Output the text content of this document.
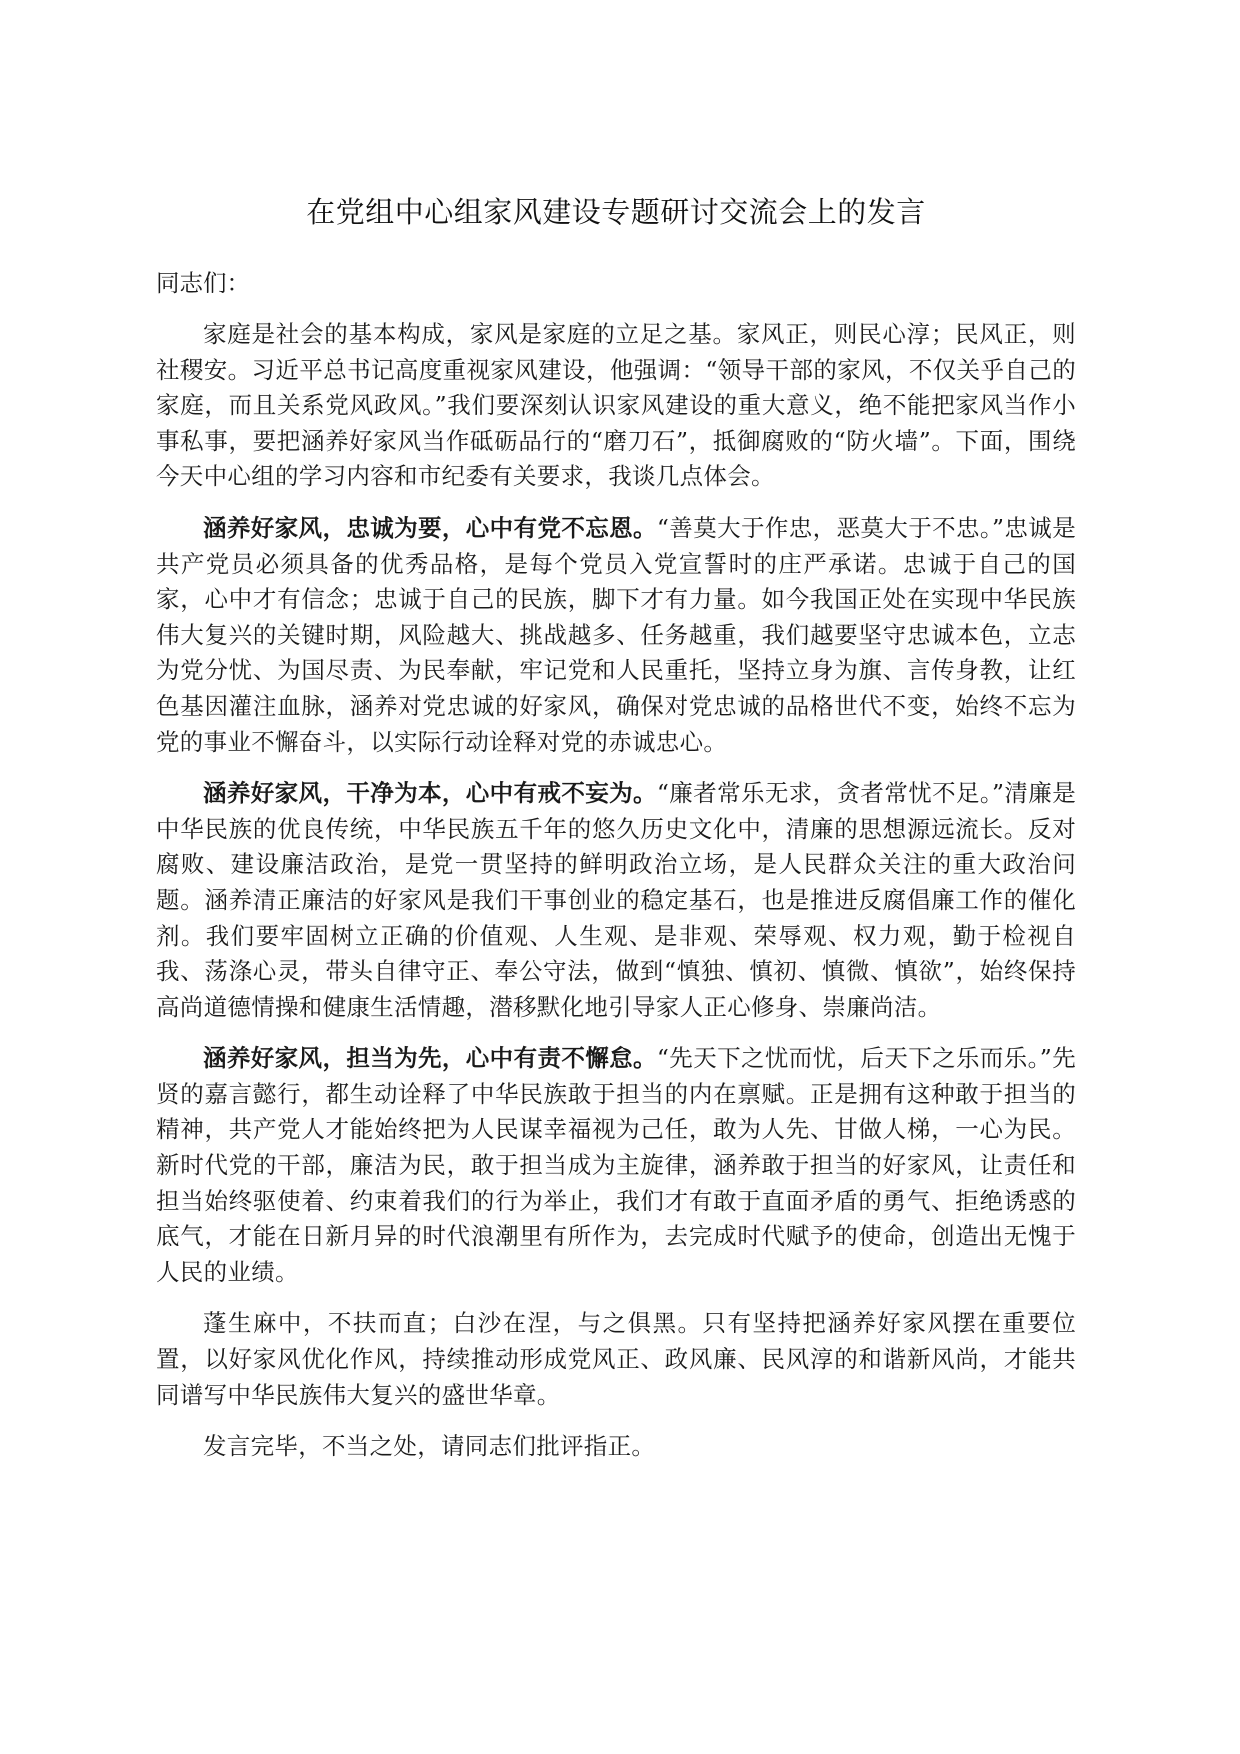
在党组中心组家风建设专题研讨交流会上的发言

同志们：

家庭是社会的基本构成，家风是家庭的立足之基。家风正，则民心淳；民风正，则社稷安。习近平总书记高度重视家风建设，他强调：“领导干部的家风，不仅关乎自己的家庭，而且关系党风政风。”我们要深刻认识家风建设的重大意义，绝不能把家风当作小事私事，要把涵养好家风当作砥砺品行的“磨刀石”，抵御腐败的“防火墙”。下面，围绕今天中心组的学习内容和市纪委有关要求，我谈几点体会。

涵养好家风，忠诚为要，心中有党不忘恩。“善莫大于作忠，恶莫大于不忠。”忠诚是共产党员必须具备的优秀品格，是每个党员入党宣誓时的庄严承诺。忠诚于自己的国家，心中才有信念；忠诚于自己的民族，脚下才有力量。如今我国正处在实现中华民族伟大复兴的关键时期，风险越大、挑战越多、任务越重，我们越要坚守忠诚本色，立志为党分忧、为国尽责、为民奉献，牢记党和人民重托，坚持立身为旗、言传身教，让红色基因灌注血脉，涵养对党忠诚的好家风，确保对党忠诚的品格世代不变，始终不忘为党的事业不懈奋斗，以实际行动诠释对党的赤诚忠心。

涵养好家风，干净为本，心中有戒不妄为。“廉者常乐无求，贪者常忧不足。”清廉是中华民族的优良传统，中华民族五千年的悠久历史文化中，清廉的思想源远流长。反对腐败、建设廉洁政治，是党一贯坚持的鲜明政治立场，是人民群众关注的重大政治问题。涵养清正廉洁的好家风是我们干事创业的稳定基石，也是推进反腐倡廉工作的催化剂。我们要牢固树立正确的价值观、人生观、是非观、荣辱观、权力观，勤于检视自我、荡涤心灵，带头自律守正、奉公守法，做到“慎独、慎初、慎微、慎欲”，始终保持高尚道德情操和健康生活情趣，潜移默化地引导家人正心修身、崇廉尚洁。

涵养好家风，担当为先，心中有责不懈怠。“先天下之忧而忧，后天下之乐而乐。”先贤的嘉言懿行，都生动诠释了中华民族敢于担当的内在禀赋。正是拥有这种敢于担当的精神，共产党人才能始终把为人民谋幸福视为己任，敢为人先、甘做人梯，一心为民。新时代党的干部，廉洁为民，敢于担当成为主旋律，涵养敢于担当的好家风，让责任和担当始终驱使着、约束着我们的行为举止，我们才有敢于直面矛盾的勇气、拒绝诱惑的底气，才能在日新月异的时代浪潮里有所作为，去完成时代赋予的使命，创造出无愧于人民的业绩。

蓬生麻中，不扶而直；白沙在涅，与之俱黑。只有坚持把涵养好家风摆在重要位置，以好家风优化作风，持续推动形成党风正、政风廉、民风淳的和谐新风尚，才能共同谱写中华民族伟大复兴的盛世华章。

发言完毕，不当之处，请同志们批评指正。
